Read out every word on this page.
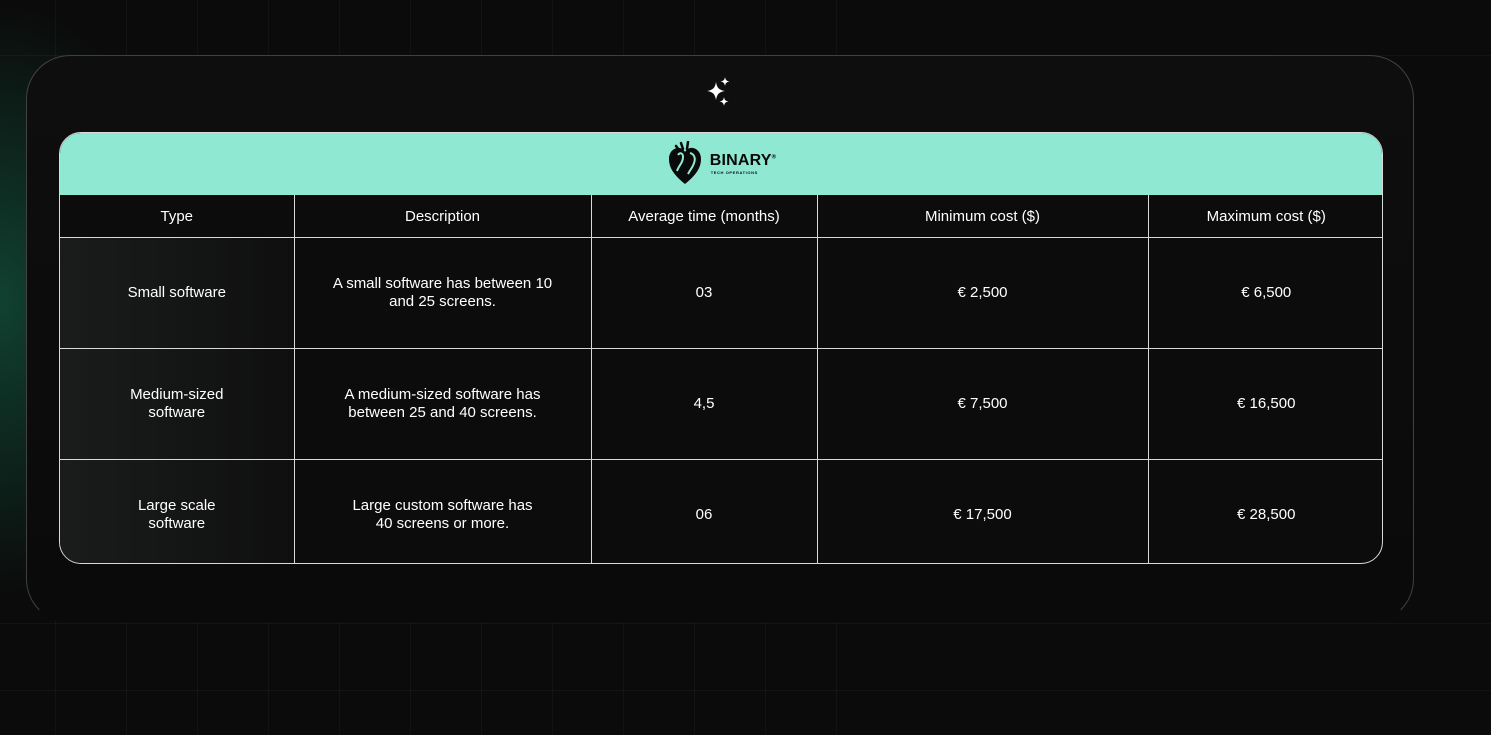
BINARY®
TECH OPERATIONS
Type	Description	Average time (months)	Minimum cost ($)	Maximum cost ($)
Small software	A small software has between 10 and 25 screens.	03	€ 2,500	€ 6,500
Medium-sized software	A medium-sized software has between 25 and 40 screens.	4,5	€ 7,500	€ 16,500
Large scale software	Large custom software has 40 screens or more.	06	€ 17,500	€ 28,500
